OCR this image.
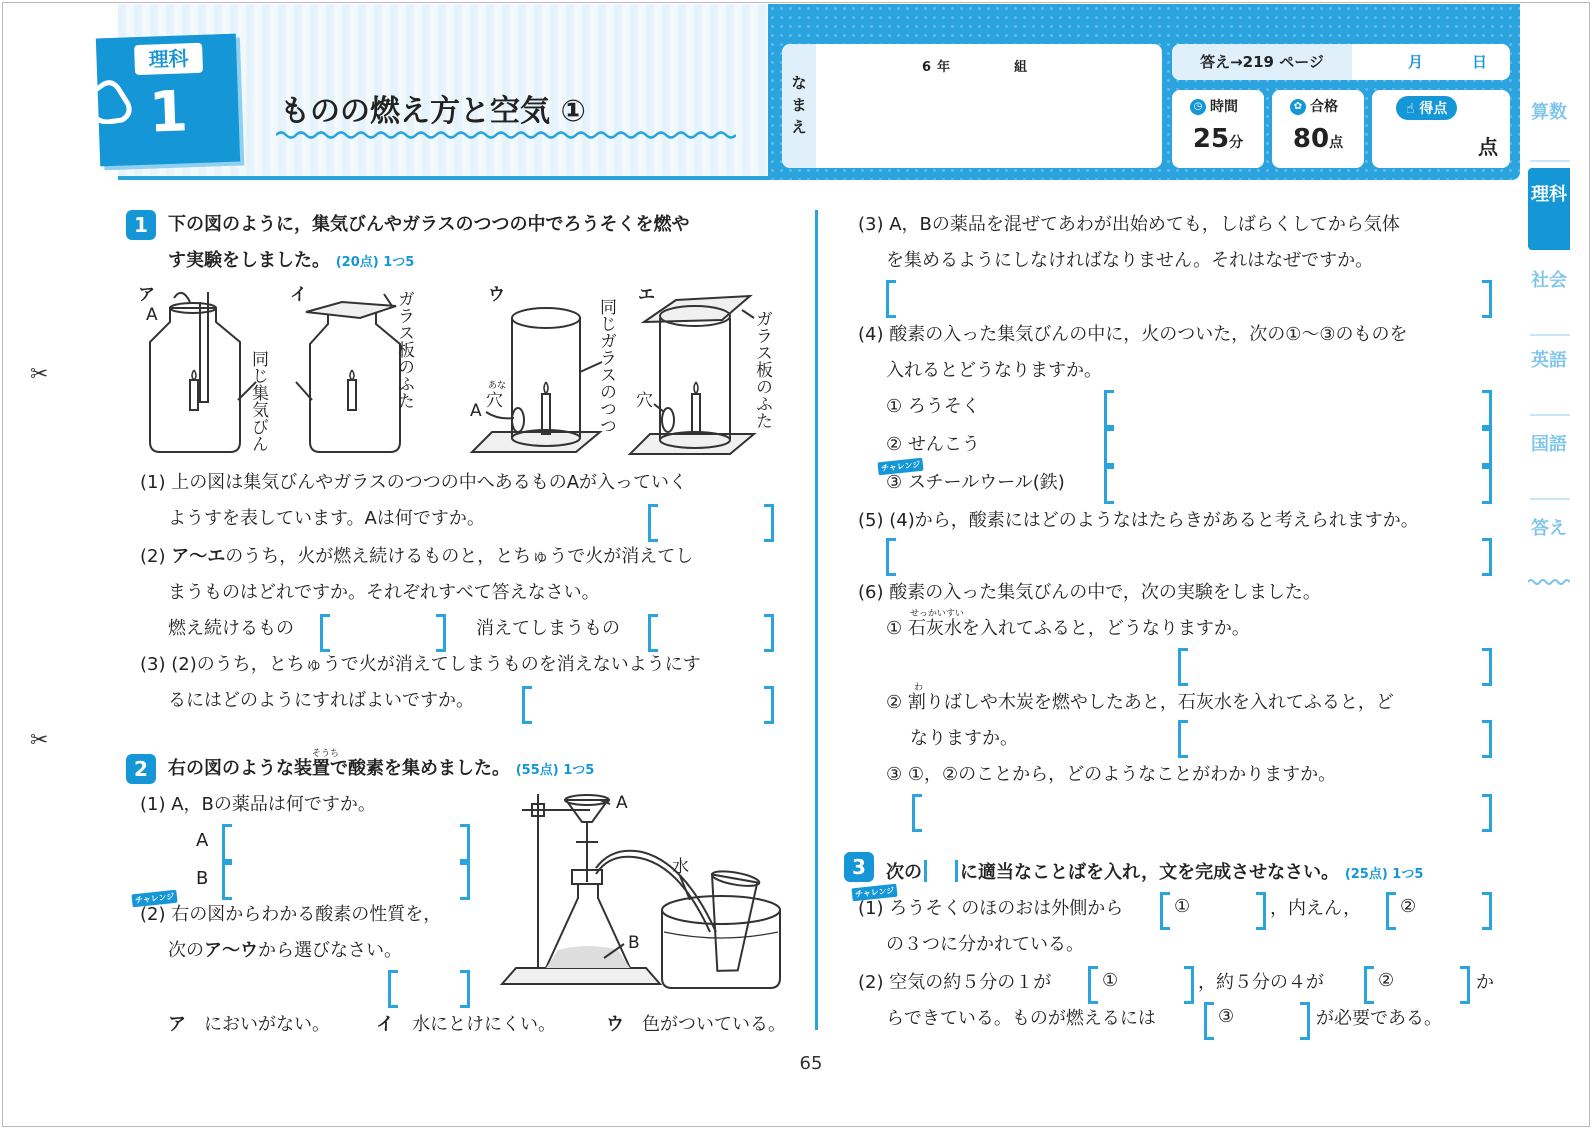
理科
1	ものの燃え方と空気 ①
なまえ
6 年	組	答え→219 ページ	月	日
◷ 時間
25分
✿ 合格
80点
☝ 得点
点
算数
理科
社会
英語
国語
答え
✂
✂
1	下の図のように，集気びんやガラスのつつの中でろうそくを燃や
す実験をしました。 (20点) 1つ5
ア
A
イ
同じ集気びん	ガラス板のふた	ウ
あな
穴
A	同じガラスのつつ
エ
穴	ガラス板のふた
(1) 上の図は集気びんやガラスのつつの中へあるものAが入っていく
ようすを表しています。Aは何ですか。
(2) ア〜エのうち，火が燃え続けるものと，とちゅうで火が消えてし
まうものはどれですか。それぞれすべて答えなさい。
燃え続けるもの	消えてしまうもの
(3) (2)のうち，とちゅうで火が消えてしまうものを消えないようにす
るにはどのようにすればよいですか。
2
そうち
右の図のような装置で酸素を集めました。 (55点) 1つ5
(1) A，Bの薬品は何ですか。
A
B
チャレンジ
(2) 右の図からわかる酸素の性質を，
次のア〜ウから選びなさい。
ア　 においがない。	イ　 水にとけにくい。	ウ　 色がついている。
A
B
水
(3) A，Bの薬品を混ぜてあわが出始めても，しばらくしてから気体
を集めるようにしなければなりません。それはなぜですか。
(4) 酸素の入った集気びんの中に，火のついた，次の①〜③のものを
入れるとどうなりますか。
① ろうそく
② せんこう
チャレンジ
③ スチールウール(鉄)
(5) (4)から，酸素にはどのようなはたらきがあると考えられますか。
(6) 酸素の入った集気びんの中で，次の実験をしました。
せっかいすい
① 石灰水を入れてふると，どうなりますか。
わ
② 割りばしや木炭を燃やしたあと，石灰水を入れてふると，ど
なりますか。
③ ①，②のことから，どのようなことがわかりますか。
3	次の に適当なことばを入れ，文を完成させなさい。 (25点) 1つ5
チャレンジ
(1) ろうそくのほのおは外側から	①	，内えん， ②
の３つに分かれている。
(2) 空気の約５分の１が	①	，約５分の４が	②	か
らできている。ものが燃えるには	③	が必要である。
65
